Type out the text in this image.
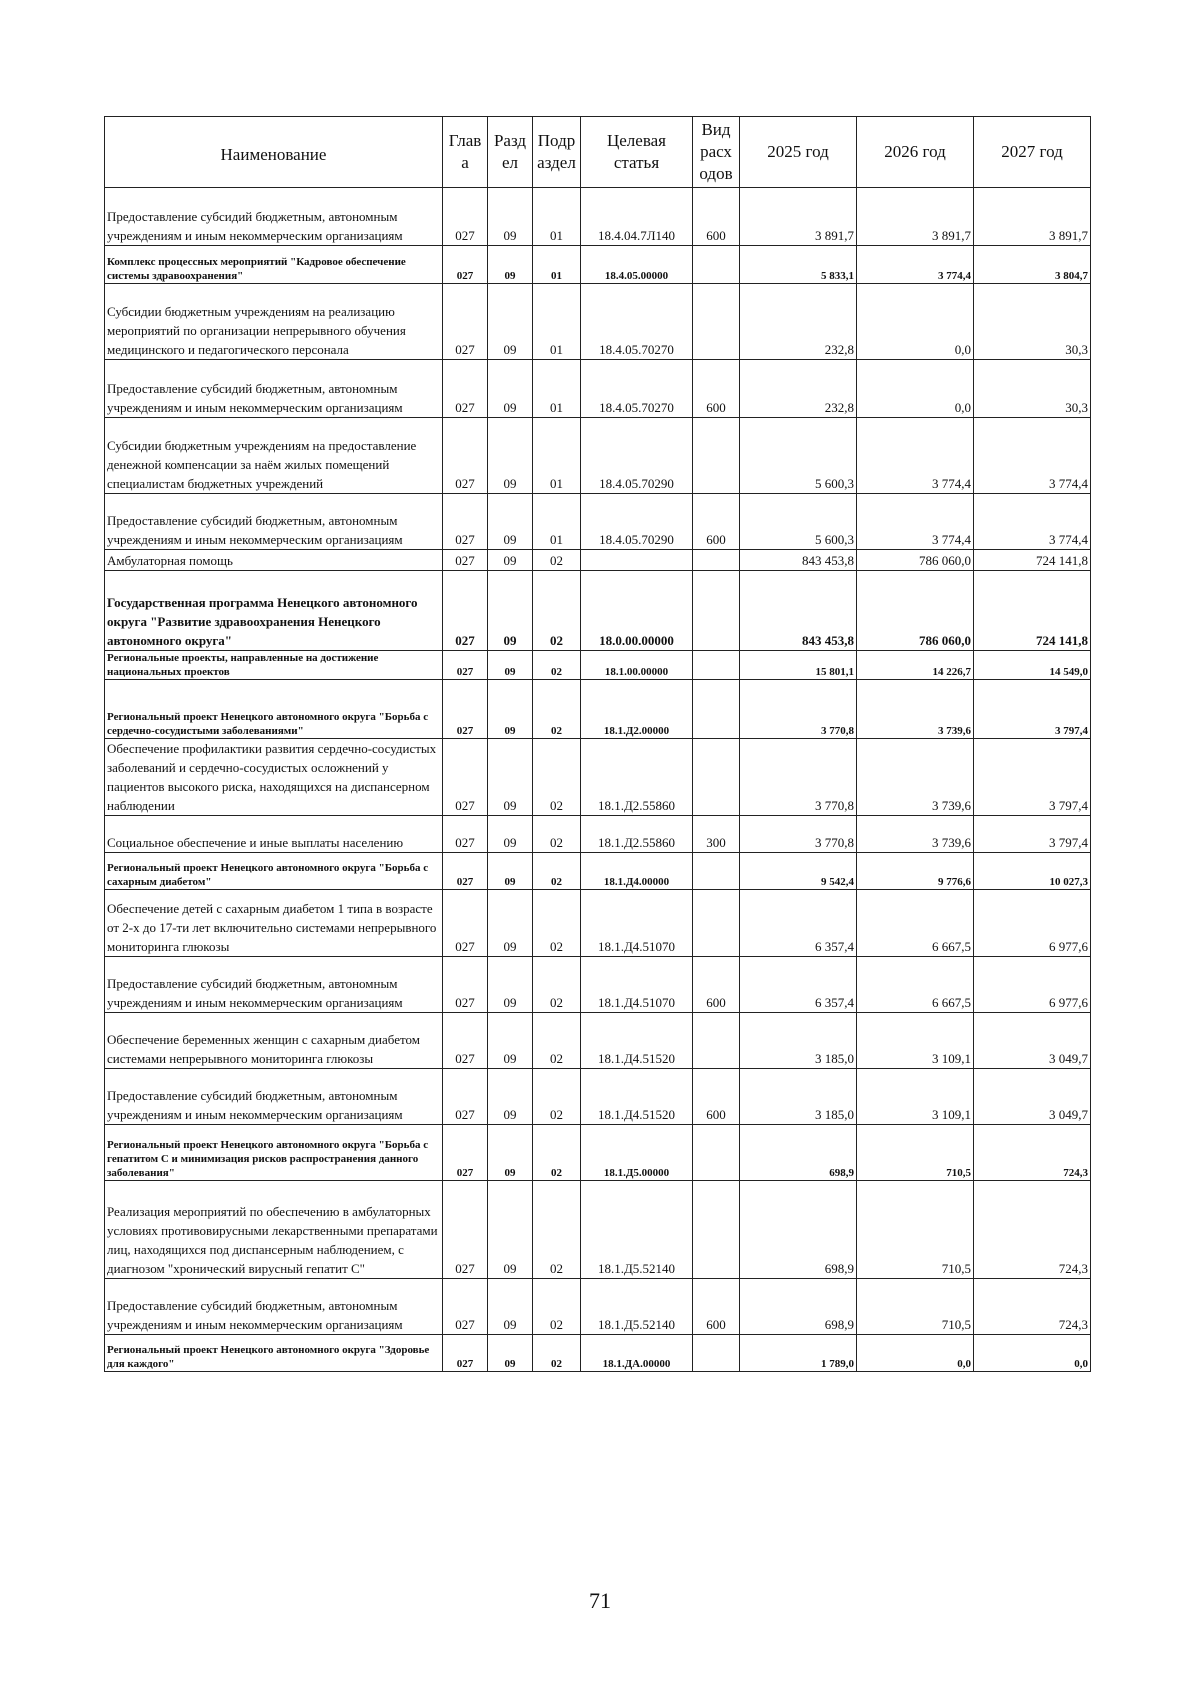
Наименование	Глав а	Разд ел	Подр аздел	Целевая статья	Вид расх одов	2025 год	2026 год	2027 год
Предоставление субсидий бюджетным, автономным учреждениям и иным некоммерческим организациям	027	09	01	18.4.04.7Л140	600	3 891,7	3 891,7	3 891,7
Комплекс процессных мероприятий "Кадровое обеспечение системы здравоохранения"	027	09	01	18.4.05.00000		5 833,1	3 774,4	3 804,7
Субсидии бюджетным учреждениям на реализацию мероприятий по организации непрерывного обучения медицинского и педагогического персонала	027	09	01	18.4.05.70270		232,8	0,0	30,3
Предоставление субсидий бюджетным, автономным учреждениям и иным некоммерческим организациям	027	09	01	18.4.05.70270	600	232,8	0,0	30,3
Субсидии бюджетным учреждениям на предоставление денежной компенсации за наём жилых помещений специалистам бюджетных учреждений	027	09	01	18.4.05.70290		5 600,3	3 774,4	3 774,4
Предоставление субсидий бюджетным, автономным учреждениям и иным некоммерческим организациям	027	09	01	18.4.05.70290	600	5 600,3	3 774,4	3 774,4
Амбулаторная помощь	027	09	02			843 453,8	786 060,0	724 141,8
Государственная программа Ненецкого автономного округа "Развитие здравоохранения Ненецкого автономного округа"	027	09	02	18.0.00.00000		843 453,8	786 060,0	724 141,8
Региональные проекты, направленные на достижение национальных проектов	027	09	02	18.1.00.00000		15 801,1	14 226,7	14 549,0
Региональный проект Ненецкого автономного округа "Борьба с сердечно-сосудистыми заболеваниями"	027	09	02	18.1.Д2.00000		3 770,8	3 739,6	3 797,4
Обеспечение профилактики развития сердечно-сосудистых заболеваний и сердечно-сосудистых осложнений у пациентов высокого риска, находящихся на диспансерном наблюдении	027	09	02	18.1.Д2.55860		3 770,8	3 739,6	3 797,4
Социальное обеспечение и иные выплаты населению	027	09	02	18.1.Д2.55860	300	3 770,8	3 739,6	3 797,4
Региональный проект Ненецкого автономного округа "Борьба с сахарным диабетом"	027	09	02	18.1.Д4.00000		9 542,4	9 776,6	10 027,3
Обеспечение детей с сахарным диабетом 1 типа в возрасте от 2-х до 17-ти лет включительно системами непрерывного мониторинга глюкозы	027	09	02	18.1.Д4.51070		6 357,4	6 667,5	6 977,6
Предоставление субсидий бюджетным, автономным учреждениям и иным некоммерческим организациям	027	09	02	18.1.Д4.51070	600	6 357,4	6 667,5	6 977,6
Обеспечение беременных женщин с сахарным диабетом системами непрерывного мониторинга глюкозы	027	09	02	18.1.Д4.51520		3 185,0	3 109,1	3 049,7
Предоставление субсидий бюджетным, автономным учреждениям и иным некоммерческим организациям	027	09	02	18.1.Д4.51520	600	3 185,0	3 109,1	3 049,7
Региональный проект Ненецкого автономного округа "Борьба с гепатитом С и минимизация рисков распространения данного заболевания"	027	09	02	18.1.Д5.00000		698,9	710,5	724,3
Реализация мероприятий по обеспечению в амбулаторных условиях противовирусными лекарственными препаратами лиц, находящихся под диспансерным наблюдением, с диагнозом "хронический вирусный гепатит С"	027	09	02	18.1.Д5.52140		698,9	710,5	724,3
Предоставление субсидий бюджетным, автономным учреждениям и иным некоммерческим организациям	027	09	02	18.1.Д5.52140	600	698,9	710,5	724,3
Региональный проект Ненецкого автономного округа "Здоровье для каждого"	027	09	02	18.1.ДА.00000		1 789,0	0,0	0,0
71
